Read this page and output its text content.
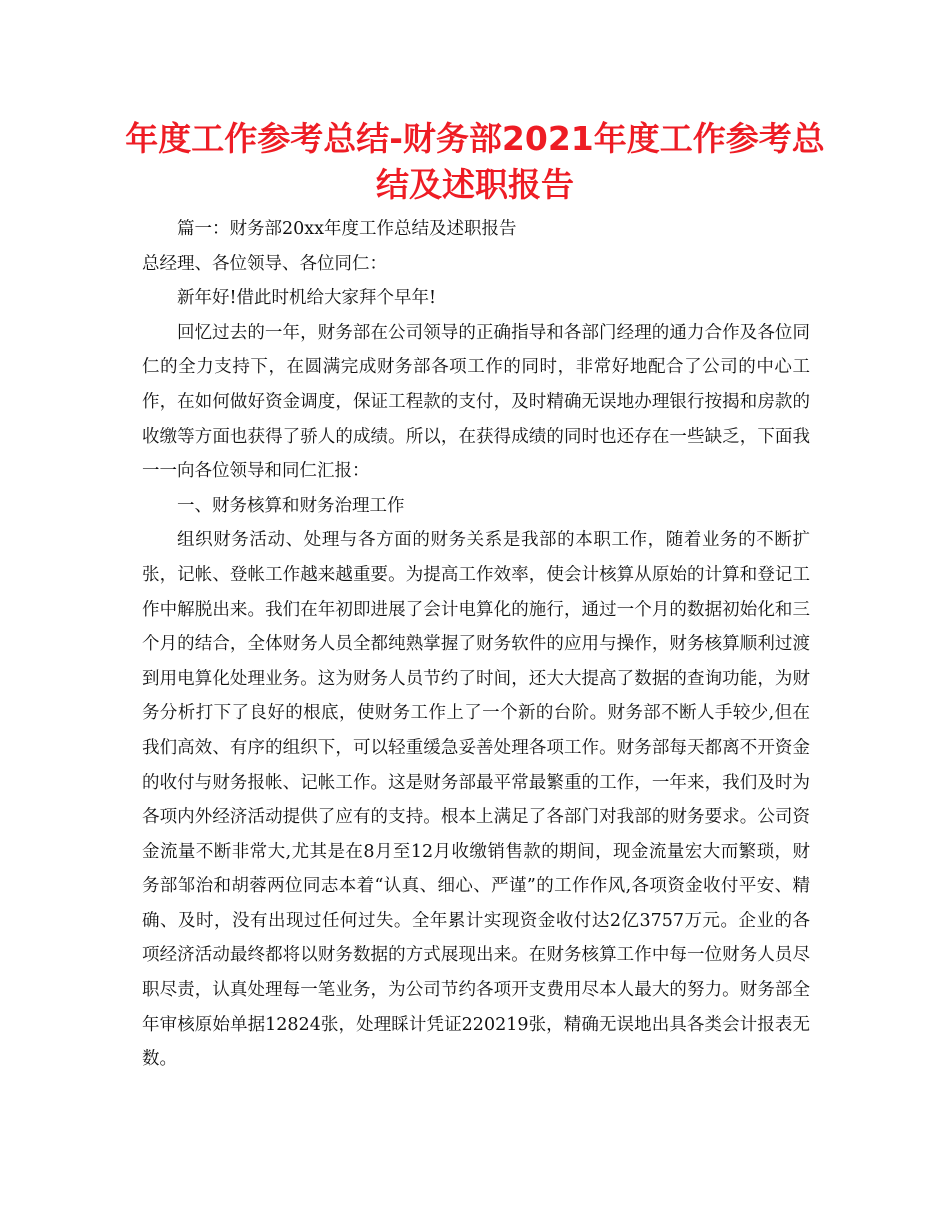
年度工作参考总结-财务部2021年度工作参考总结及述职报告

篇一：财务部20xx年度工作总结及述职报告

总经理、各位领导、各位同仁：

新年好!借此时机给大家拜个早年!

回忆过去的一年，财务部在公司领导的正确指导和各部门经理的通力合作及各位同仁的全力支持下，在圆满完成财务部各项工作的同时，非常好地配合了公司的中心工作，在如何做好资金调度，保证工程款的支付，及时精确无误地办理银行按揭和房款的收缴等方面也获得了骄人的成绩。所以，在获得成绩的同时也还存在一些缺乏，下面我一一向各位领导和同仁汇报：

一、财务核算和财务治理工作

组织财务活动、处理与各方面的财务关系是我部的本职工作，随着业务的不断扩张，记帐、登帐工作越来越重要。为提高工作效率，使会计核算从原始的计算和登记工作中解脱出来。我们在年初即进展了会计电算化的施行，通过一个月的数据初始化和三个月的结合，全体财务人员全都纯熟掌握了财务软件的应用与操作，财务核算顺利过渡到用电算化处理业务。这为财务人员节约了时间，还大大提高了数据的查询功能，为财务分析打下了良好的根底，使财务工作上了一个新的台阶。财务部不断人手较少,但在我们高效、有序的组织下，可以轻重缓急妥善处理各项工作。财务部每天都离不开资金的收付与财务报帐、记帐工作。这是财务部最平常最繁重的工作，一年来，我们及时为各项内外经济活动提供了应有的支持。根本上满足了各部门对我部的财务要求。公司资金流量不断非常大,尤其是在8月至12月收缴销售款的期间，现金流量宏大而繁琐，财务部邹治和胡蓉两位同志本着“认真、细心、严谨”的工作作风,各项资金收付平安、精确、及时，没有出现过任何过失。全年累计实现资金收付达2亿3757万元。企业的各项经济活动最终都将以财务数据的方式展现出来。在财务核算工作中每一位财务人员尽职尽责，认真处理每一笔业务，为公司节约各项开支费用尽本人最大的努力。财务部全年审核原始单据12824张，处理睬计凭证220219张，精确无误地出具各类会计报表无数。
